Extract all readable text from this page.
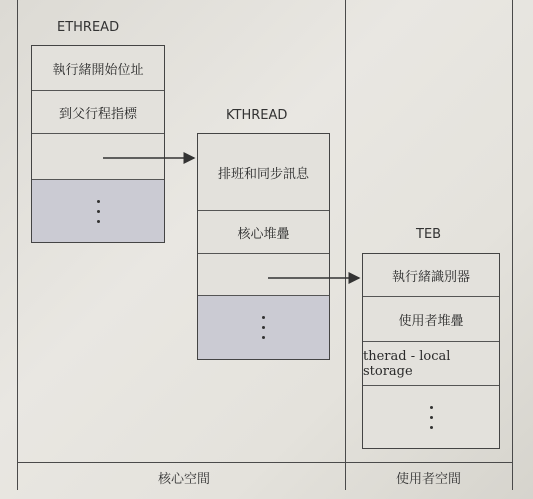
ETHREAD
執行緒開始位址
到父行程指標	KTHREAD
排班和同步訊息
核心堆疊	TEB
執行緒識別器
使用者堆疊
therad - local storage
核心空間	使用者空間
